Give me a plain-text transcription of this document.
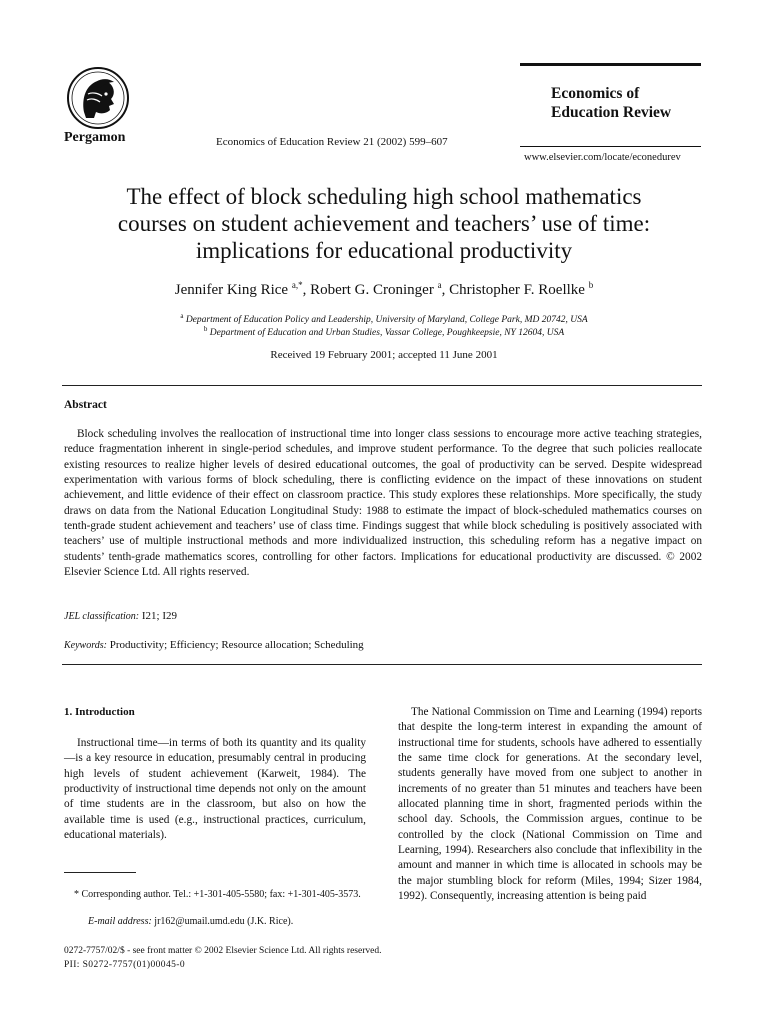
Pergamon	Economics of Education Review 21 (2002) 599–607
Economics of
Education Review
www.elsevier.com/locate/econedurev
The effect of block scheduling high school mathematics
courses on student achievement and teachers’ use of time:
implications for educational productivity
Jennifer King Rice $^{a,*}$, Robert G. Croninger $^a$, Christopher F. Roellke $^b$
$^a$ Department of Education Policy and Leadership, University of Maryland, College Park, MD 20742, USA
$^b$ Department of Education and Urban Studies, Vassar College, Poughkeepsie, NY 12604, USA
Received 19 February 2001; accepted 11 June 2001
Abstract
Block scheduling involves the reallocation of instructional time into longer class sessions to encourage more active teaching strategies, reduce fragmentation inherent in single-period schedules, and improve student performance. To the degree that such policies reallocate existing resources to realize higher levels of desired educational outcomes, the goal of productivity can be served. Despite widespread experimentation with various forms of block scheduling, there is conflicting evidence on the impact of these innovations on student achievement, and little evidence of their effect on classroom practice. This study explores these relationships. More specifically, the study draws on data from the National Education Longitudinal Study: 1988 to estimate the impact of block-scheduled mathematics courses on tenth-grade student achievement and teachers’ use of class time. Findings suggest that while block scheduling is positively associated with teachers’ use of multiple instructional methods and more individualized instruction, this scheduling reform has a negative impact on students’ tenth-grade mathematics scores, controlling for other factors. Implications for educational productivity are discussed. © 2002 Elsevier Science Ltd. All rights reserved.
JEL classification: I21; I29
Keywords: Productivity; Efficiency; Resource allocation; Scheduling
1. Introduction
Instructional time—in terms of both its quantity and its quality—is a key resource in education, presumably central in producing high levels of student achievement (Karweit, 1984). The productivity of instructional time depends not only on the amount of time students are in the classroom, but also on how the available time is used (e.g., instructional practices, curriculum, educational materials).
The National Commission on Time and Learning (1994) reports that despite the long-term interest in expanding the amount of instructional time for students, schools have adhered to essentially the same time clock for generations. At the secondary level, students generally have moved from one subject to another in increments of no greater than 51 minutes and teachers have been allocated planning time in short, fragmented periods within the school day. Schools, the Commission argues, continue to be controlled by the clock (National Commission on Time and Learning, 1994). Researchers also conclude that inflexibility in the amount and manner in which time is allocated in schools may be the major stumbling block for reform (Miles, 1994; Sizer 1984, 1992). Consequently, increasing attention is being paid
* Corresponding author. Tel.: +1-301-405-5580; fax: +1-301-405-3573.
E-mail address: jr162@umail.umd.edu (J.K. Rice).
0272-7757/02/$ - see front matter © 2002 Elsevier Science Ltd. All rights reserved.
PII: S0272-7757(01)00045-0
